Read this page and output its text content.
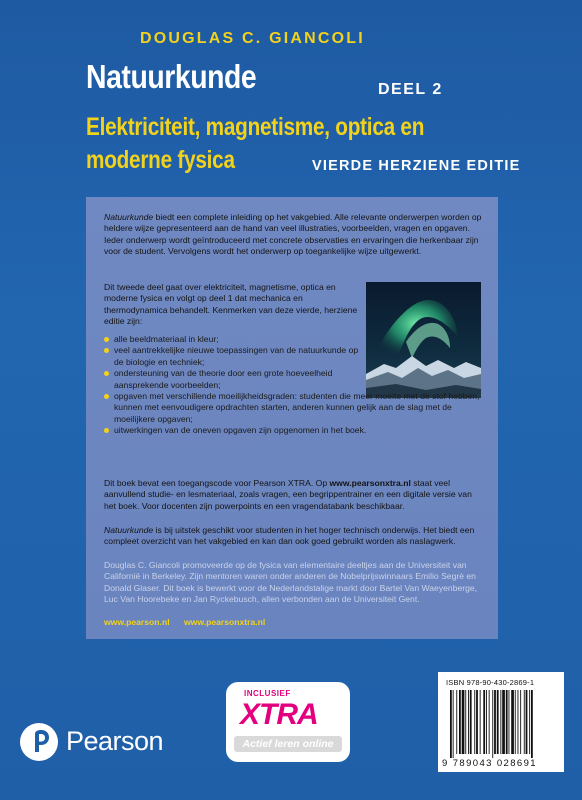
DOUGLAS C. GIANCOLI
Natuurkunde	DEEL 2
Elektriciteit, magnetisme, optica en
moderne fysica	VIERDE HERZIENE EDITIE

Natuurkunde biedt een complete inleiding op het vakgebied. Alle relevante onderwerpen worden op heldere wijze gepresenteerd aan de hand van veel illustraties, voorbeelden, vragen en opgaven. Ieder onderwerp wordt geïntroduceerd met concrete observaties en ervaringen die herkenbaar zijn voor de student. Vervolgens wordt het onderwerp op toegankelijke wijze uitgewerkt.

Dit tweede deel gaat over elektriciteit, magnetisme, optica en moderne fysica en volgt op deel 1 dat mechanica en thermodynamica behandelt. Kenmerken van deze vierde, herziene editie zijn:

alle beeldmateriaal in kleur;
veel aantrekkelijke nieuwe toepassingen van de natuurkunde op de biologie en techniek;
ondersteuning van de theorie door een grote hoeveelheid aansprekende voorbeelden;
opgaven met verschillende moeilijkheidsgraden: studenten die meer moeite met de stof hebben, kunnen met eenvoudigere opdrachten starten, anderen kunnen gelijk aan de slag met de moeilijkere opgaven;
uitwerkingen van de oneven opgaven zijn opgenomen in het boek.

Dit boek bevat een toegangscode voor Pearson XTRA. Op www.pearsonxtra.nl staat veel aanvullend studie- en lesmateriaal, zoals vragen, een begrippentrainer en een digitale versie van het boek. Voor docenten zijn powerpoints en een vragendatabank beschikbaar.

Natuurkunde is bij uitstek geschikt voor studenten in het hoger technisch onderwijs. Het biedt een compleet overzicht van het vakgebied en kan dan ook goed gebruikt worden als naslagwerk.

Douglas C. Giancoli promoveerde op de fysica van elementaire deeltjes aan de Universiteit van Californië in Berkeley. Zijn mentoren waren onder anderen de Nobelprijswinnaars Emilio Segrè en Donald Glaser. Dit boek is bewerkt voor de Nederlandstalige markt door Bartel Van Waeyenberge, Luc Van Hoorebeke en Jan Ryckebusch, allen verbonden aan de Universiteit Gent.

www.pearson.nl www.pearsonxtra.nl
Pearson
INCLUSIEF
XTRA
Actief leren online
ISBN 978-90-430-2869-1
9 789043 028691
